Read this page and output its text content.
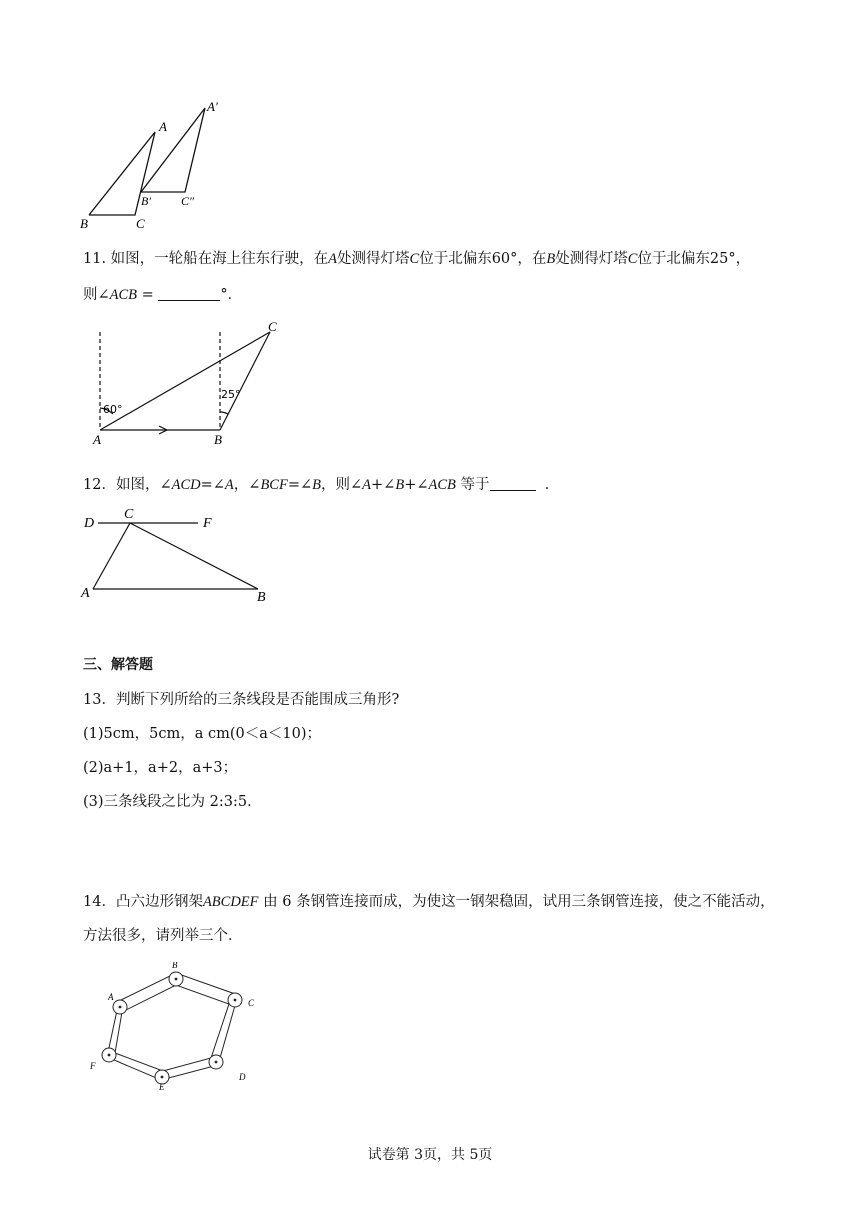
A
A′
B
B′
C
C″
11. 如图，一轮船在海上往东行驶，在A处测得灯塔C位于北偏东60°，在B处测得灯塔C位于北偏东25°，
则∠ACB =	°．
60°
25°
A	B
C
12．如图，∠ACD=∠A，∠BCF=∠B，则∠A+∠B+∠ACB 等于	．
D
C
F
A	B
三、解答题
13．判断下列所给的三条线段是否能围成三角形?
(1)5cm，5cm，a cm(0＜a＜10)；
(2)a+1，a+2，a+3；
(3)三条线段之比为 2:3:5．
14．凸六边形钢架ABCDEF 由 6 条钢管连接而成，为使这一钢架稳固，试用三条钢管连接，使之不能活动，
方法很多，请列举三个．
A
B
C
D
E
F
试卷第 3页，共 5页
